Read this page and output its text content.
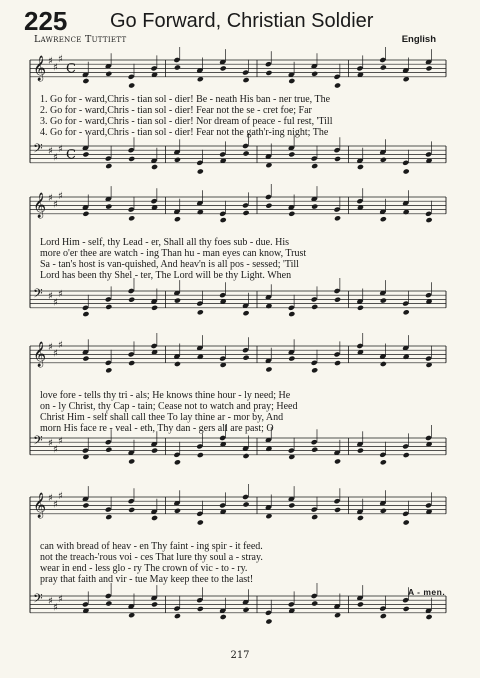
225 Go Forward, Christian Soldier
Lawrence Tuttiett	English
𝄞 ♯
♯
♯
𝄢 ♯
♯
♯
C
C
𝄞 ♯
♯
♯
𝄢 ♯
♯
♯
𝄞 ♯
♯
♯
𝄢 ♯
♯
♯
𝄞 ♯
♯
♯
𝄢 ♯
♯
♯
1. Go for - ward,Chris - tian sol - dier! Be - neath His ban - ner true, The
2. Go for - ward,Chris - tian sol - dier! Fear not the se - cret foe; Far
3. Go for - ward,Chris - tian sol - dier! Nor dream of peace - ful rest, 'Till
4. Go for - ward,Chris - tian sol - dier! Fear not the gath'r-ing night; The
Lord Him - self, thy Lead - er, Shall all thy foes sub - due. His
more o'er thee are watch - ing Than hu - man eyes can know, Trust
Sa - tan's host is van-quished, And heav'n is all pos - sessed; 'Till
Lord has been thy Shel - ter, The Lord will be thy Light. When
love fore - tells thy tri - als; He knows thine hour - ly need; He
on - ly Christ, thy Cap - tain; Cease not to watch and pray; Heed
Christ Him - self shall call thee To lay thine ar - mor by, And
morn His face re - veal - eth, Thy dan - gers all are past; O
can with bread of heav - en Thy faint - ing spir - it feed.
not the treach-'rous voi - ces That lure thy soul a - stray.
wear in end - less glo - ry The crown of vic - to - ry.
pray that faith and vir - tue May keep thee to the last!
A - men.
217
